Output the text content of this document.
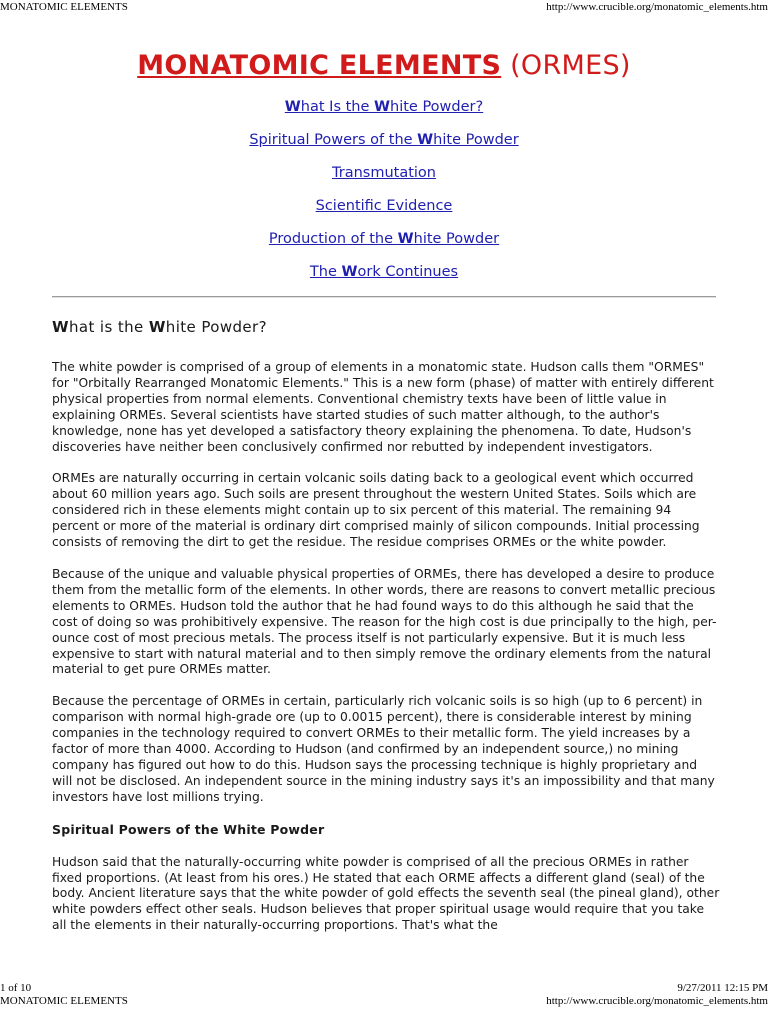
MONATOMIC ELEMENTS	http://www.crucible.org/monatomic_elements.htm
MONATOMIC ELEMENTS (ORMES)
What Is the White Powder?
Spiritual Powers of the White Powder
Transmutation
Scientific Evidence
Production of the White Powder
The Work Continues
What is the White Powder?

The white powder is comprised of a group of elements in a monatomic state. Hudson calls them "ORMES" for "Orbitally Rearranged Monatomic Elements." This is a new form (phase) of matter with entirely different physical properties from normal elements. Conventional chemistry texts have been of little value in explaining ORMEs. Several scientists have started studies of such matter although, to the author's knowledge, none has yet developed a satisfactory theory explaining the phenomena. To date, Hudson's discoveries have neither been conclusively confirmed nor rebutted by independent investigators.

ORMEs are naturally occurring in certain volcanic soils dating back to a geological event which occurred about 60 million years ago. Such soils are present throughout the western United States. Soils which are considered rich in these elements might contain up to six percent of this material. The remaining 94 percent or more of the material is ordinary dirt comprised mainly of silicon compounds. Initial processing consists of removing the dirt to get the residue. The residue comprises ORMEs or the white powder.

Because of the unique and valuable physical properties of ORMEs, there has developed a desire to produce them from the metallic form of the elements. In other words, there are reasons to convert metallic precious elements to ORMEs. Hudson told the author that he had found ways to do this although he said that the cost of doing so was prohibitively expensive. The reason for the high cost is due principally to the high, per-ounce cost of most precious metals. The process itself is not particularly expensive. But it is much less expensive to start with natural material and to then simply remove the ordinary elements from the natural material to get pure ORMEs matter.

Because the percentage of ORMEs in certain, particularly rich volcanic soils is so high (up to 6 percent) in comparison with normal high-grade ore (up to 0.0015 percent), there is considerable interest by mining companies in the technology required to convert ORMEs to their metallic form. The yield increases by a factor of more than 4000. According to Hudson (and confirmed by an independent source,) no mining company has figured out how to do this. Hudson says the processing technique is highly proprietary and will not be disclosed. An independent source in the mining industry says it's an impossibility and that many investors have lost millions trying.

Spiritual Powers of the White Powder

Hudson said that the naturally-occurring white powder is comprised of all the precious ORMEs in rather fixed proportions. (At least from his ores.) He stated that each ORME affects a different gland (seal) of the body. Ancient literature says that the white powder of gold effects the seventh seal (the pineal gland), other white powders effect other seals. Hudson believes that proper spiritual usage would require that you take all the elements in their naturally-occurring proportions. That's what the

1 of 10	9/27/2011 12:15 PM
MONATOMIC ELEMENTS	http://www.crucible.org/monatomic_elements.htm
